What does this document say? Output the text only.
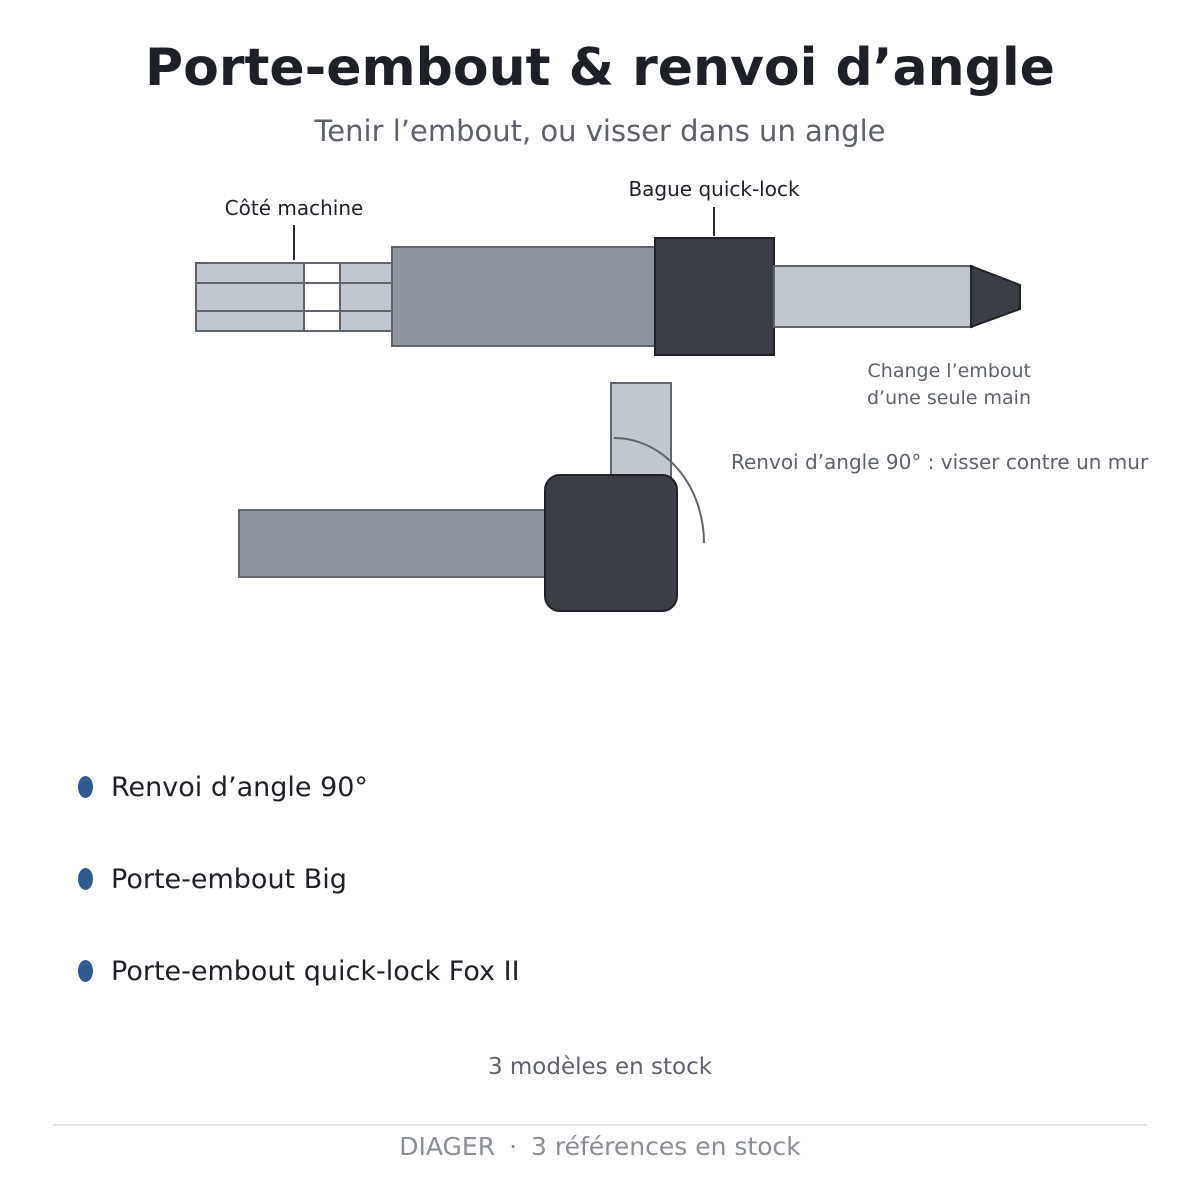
Porte-embout & renvoi d’angle

Tenir l’embout, ou visser dans un angle

Côté machine
Bague quick-lock
Change l’embout
d’une seule main
Renvoi d’angle 90° : visser contre un mur
Renvoi d’angle 90°
Porte-embout Big
Porte-embout quick-lock Fox II
3 modèles en stock
DIAGER · 3 références en stock
